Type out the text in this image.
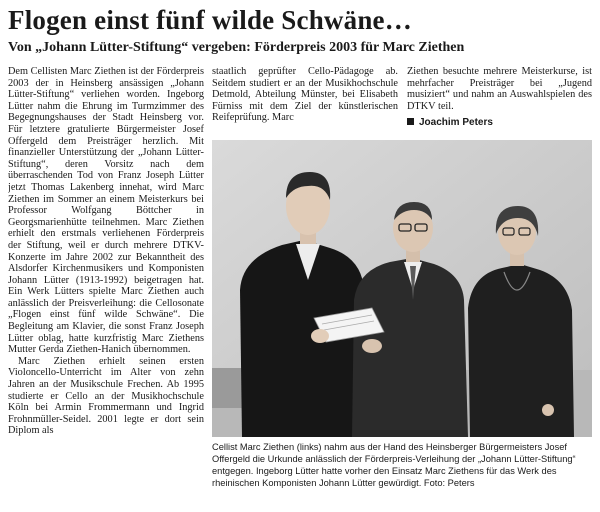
Flogen einst fünf wilde Schwäne…
Von „Johann Lütter-Stiftung“ vergeben: Förderpreis 2003 für Marc Ziethen

Dem Cellisten Marc Ziethen ist der Förderpreis 2003 der in Heinsberg ansässigen „Johann Lütter-Stiftung“ verliehen worden. Ingeborg Lütter nahm die Ehrung im Turmzimmer des Begegnungshauses der Stadt Heinsberg vor. Für letztere gratulierte Bürgermeister Josef Offergeld dem Preisträger herzlich. Mit finanzieller Unterstützung der „Johann Lütter-Stiftung“, deren Vorsitz nach dem überraschenden Tod von Franz Joseph Lütter jetzt Thomas Lakenberg innehat, wird Marc Ziethen im Sommer an einem Meisterkurs bei Professor Wolfgang Böttcher in Georgsmarienhütte teilnehmen. Marc Ziethen erhielt den erstmals verliehenen Förderpreis der Stiftung, weil er durch mehrere DTKV-Konzerte im Jahre 2002 zur Bekanntheit des Alsdorfer Kirchenmusikers und Komponisten Johann Lütter (1913-1992) beigetragen hat. Ein Werk Lütters spielte Marc Ziethen auch anlässlich der Preisverleihung: die Cellosonate „Flogen einst fünf wilde Schwäne“. Die Begleitung am Klavier, die sonst Franz Joseph Lütter oblag, hatte kurzfristig Marc Ziethens Mutter Gerda Ziethen-Hanich übernommen.

Marc Ziethen erhielt seinen ersten Violoncello-Unterricht im Alter von zehn Jahren an der Musikschule Frechen. Ab 1995 studierte er Cello an der Musikhochschule Köln bei Armin Frommermann und Ingrid Frohnmüller-Seidel. 2001 legte er dort sein Diplom als

staatlich geprüfter Cello-Pädagoge ab. Seitdem studiert er an der Musikhochschule Detmold, Abteilung Münster, bei Elisabeth Fürniss mit dem Ziel der künstlerischen Reifeprüfung. Marc

Ziethen besuchte mehrere Meisterkurse, ist mehrfacher Preisträger bei „Jugend musiziert“ und nahm an Auswahlspielen des DTKV teil.

Joachim Peters
Cellist Marc Ziethen (links) nahm aus der Hand des Heinsberger Bürgermeisters Josef Offergeld die Urkunde anlässlich der Förderpreis-Verleihung der „Johann Lütter-Stiftung“ entgegen. Ingeborg Lütter hatte vorher den Einsatz Marc Ziethens für das Werk des rheinischen Komponisten Johann Lütter gewürdigt. Foto: Peters
